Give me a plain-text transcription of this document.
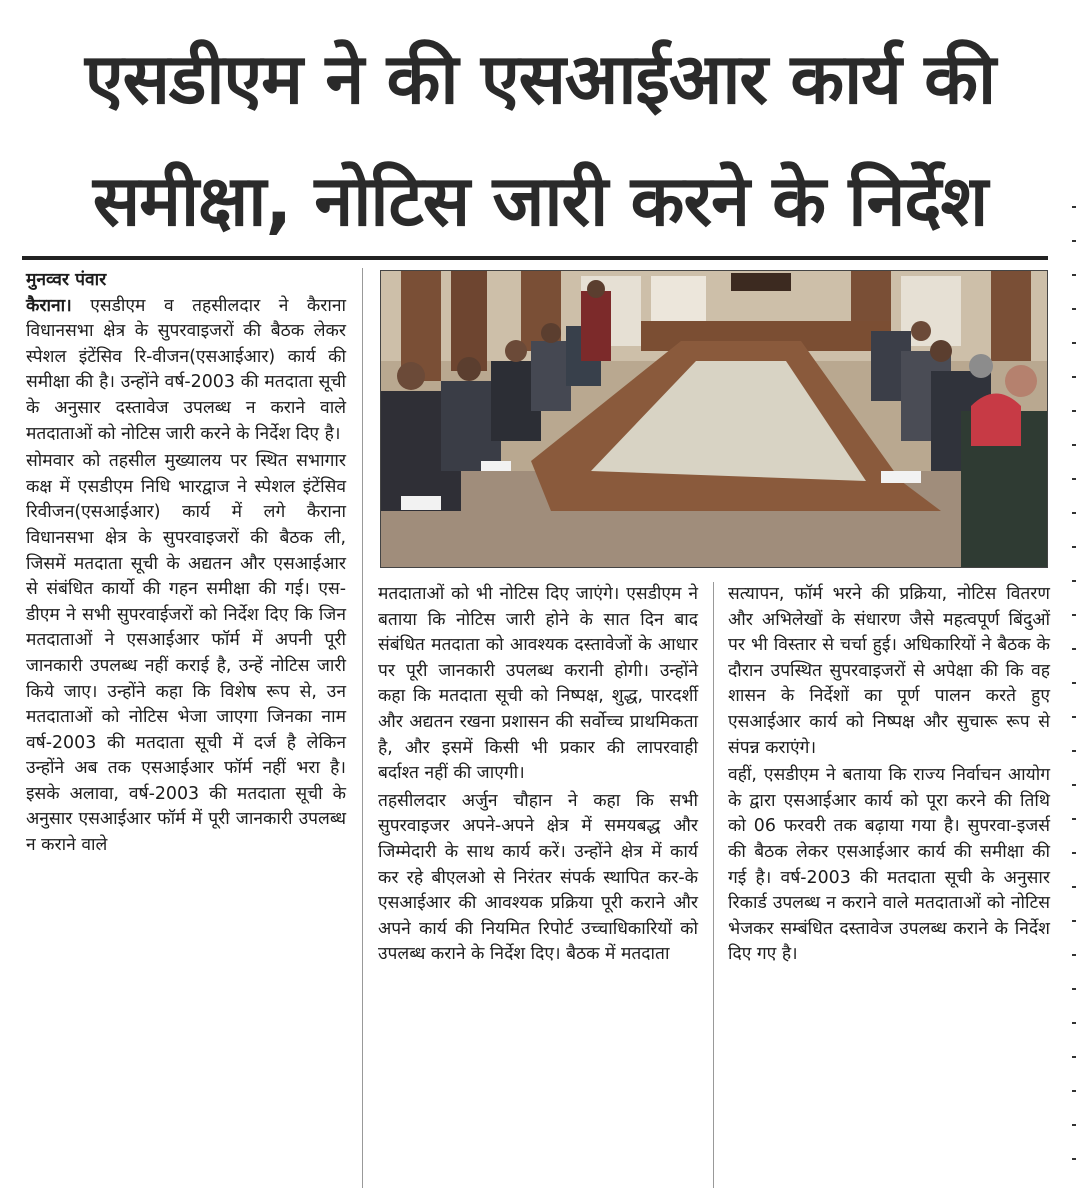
एसडीएम ने की एसआईआर कार्य की
समीक्षा, नोटिस जारी करने के निर्देश
मुनव्वर पंवार

कैराना। एसडीएम व तहसीलदार ने कैराना विधानसभा क्षेत्र के सुपरवाइजरों की बैठक लेकर स्पेशल इंटेंसिव रि-वीजन(एसआईआर) कार्य की समीक्षा की है। उन्होंने वर्ष-2003 की मतदाता सूची के अनुसार दस्तावेज उपलब्ध न कराने वाले मतदाताओं को नोटिस जारी करने के निर्देश दिए है।

सोमवार को तहसील मुख्यालय पर स्थित सभागार कक्ष में एसडीएम निधि भारद्वाज ने स्पेशल इंटेंसिव रिवीजन(एसआईआर) कार्य में लगे कैराना विधानसभा क्षेत्र के सुपरवाइजरों की बैठक ली, जिसमें मतदाता सूची के अद्यतन और एसआईआर से संबंधित कार्यो की गहन समीक्षा की गई। एस-डीएम ने सभी सुपरवाईजरों को निर्देश दिए कि जिन मतदाताओं ने एसआईआर फॉर्म में अपनी पूरी जानकारी उपलब्ध नहीं कराई है, उन्हें नोटिस जारी किये जाए। उन्होंने कहा कि विशेष रूप से, उन मतदाताओं को नोटिस भेजा जाएगा जिनका नाम वर्ष-2003 की मतदाता सूची में दर्ज है लेकिन उन्होंने अब तक एसआईआर फॉर्म नहीं भरा है। इसके अलावा, वर्ष-2003 की मतदाता सूची के अनुसार एसआईआर फॉर्म में पूरी जानकारी उपलब्ध न कराने वाले

मतदाताओं को भी नोटिस दिए जाएंगे। एसडीएम ने बताया कि नोटिस जारी होने के सात दिन बाद संबंधित मतदाता को आवश्यक दस्तावेजों के आधार पर पूरी जानकारी उपलब्ध करानी होगी। उन्होंने कहा कि मतदाता सूची को निष्पक्ष, शुद्ध, पारदर्शी और अद्यतन रखना प्रशासन की सर्वोच्च प्राथमिकता है, और इसमें किसी भी प्रकार की लापरवाही बर्दाश्त नहीं की जाएगी।

तहसीलदार अर्जुन चौहान ने कहा कि सभी सुपरवाइजर अपने-अपने क्षेत्र में समयबद्ध और जिम्मेदारी के साथ कार्य करें। उन्होंने क्षेत्र में कार्य कर रहे बीएलओ से निरंतर संपर्क स्थापित कर-के एसआईआर की आवश्यक प्रक्रिया पूरी कराने और अपने कार्य की नियमित रिपोर्ट उच्चाधिकारियों को उपलब्ध कराने के निर्देश दिए। बैठक में मतदाता

सत्यापन, फॉर्म भरने की प्रक्रिया, नोटिस वितरण और अभिलेखों के संधारण जैसे महत्वपूर्ण बिंदुओं पर भी विस्तार से चर्चा हुई। अधिकारियों ने बैठक के दौरान उपस्थित सुपरवाइजरों से अपेक्षा की कि वह शासन के निर्देशों का पूर्ण पालन करते हुए एसआईआर कार्य को निष्पक्ष और सुचारू रूप से संपन्न कराएंगे।

वहीं, एसडीएम ने बताया कि राज्य निर्वाचन आयोग के द्वारा एसआईआर कार्य को पूरा करने की तिथि को 06 फरवरी तक बढ़ाया गया है। सुपरवा-इजर्स की बैठक लेकर एसआईआर कार्य की समीक्षा की गई है। वर्ष-2003 की मतदाता सूची के अनुसार रिकार्ड उपलब्ध न कराने वाले मतदाताओं को नोटिस भेजकर सम्बंधित दस्तावेज उपलब्ध कराने के निर्देश दिए गए है।
